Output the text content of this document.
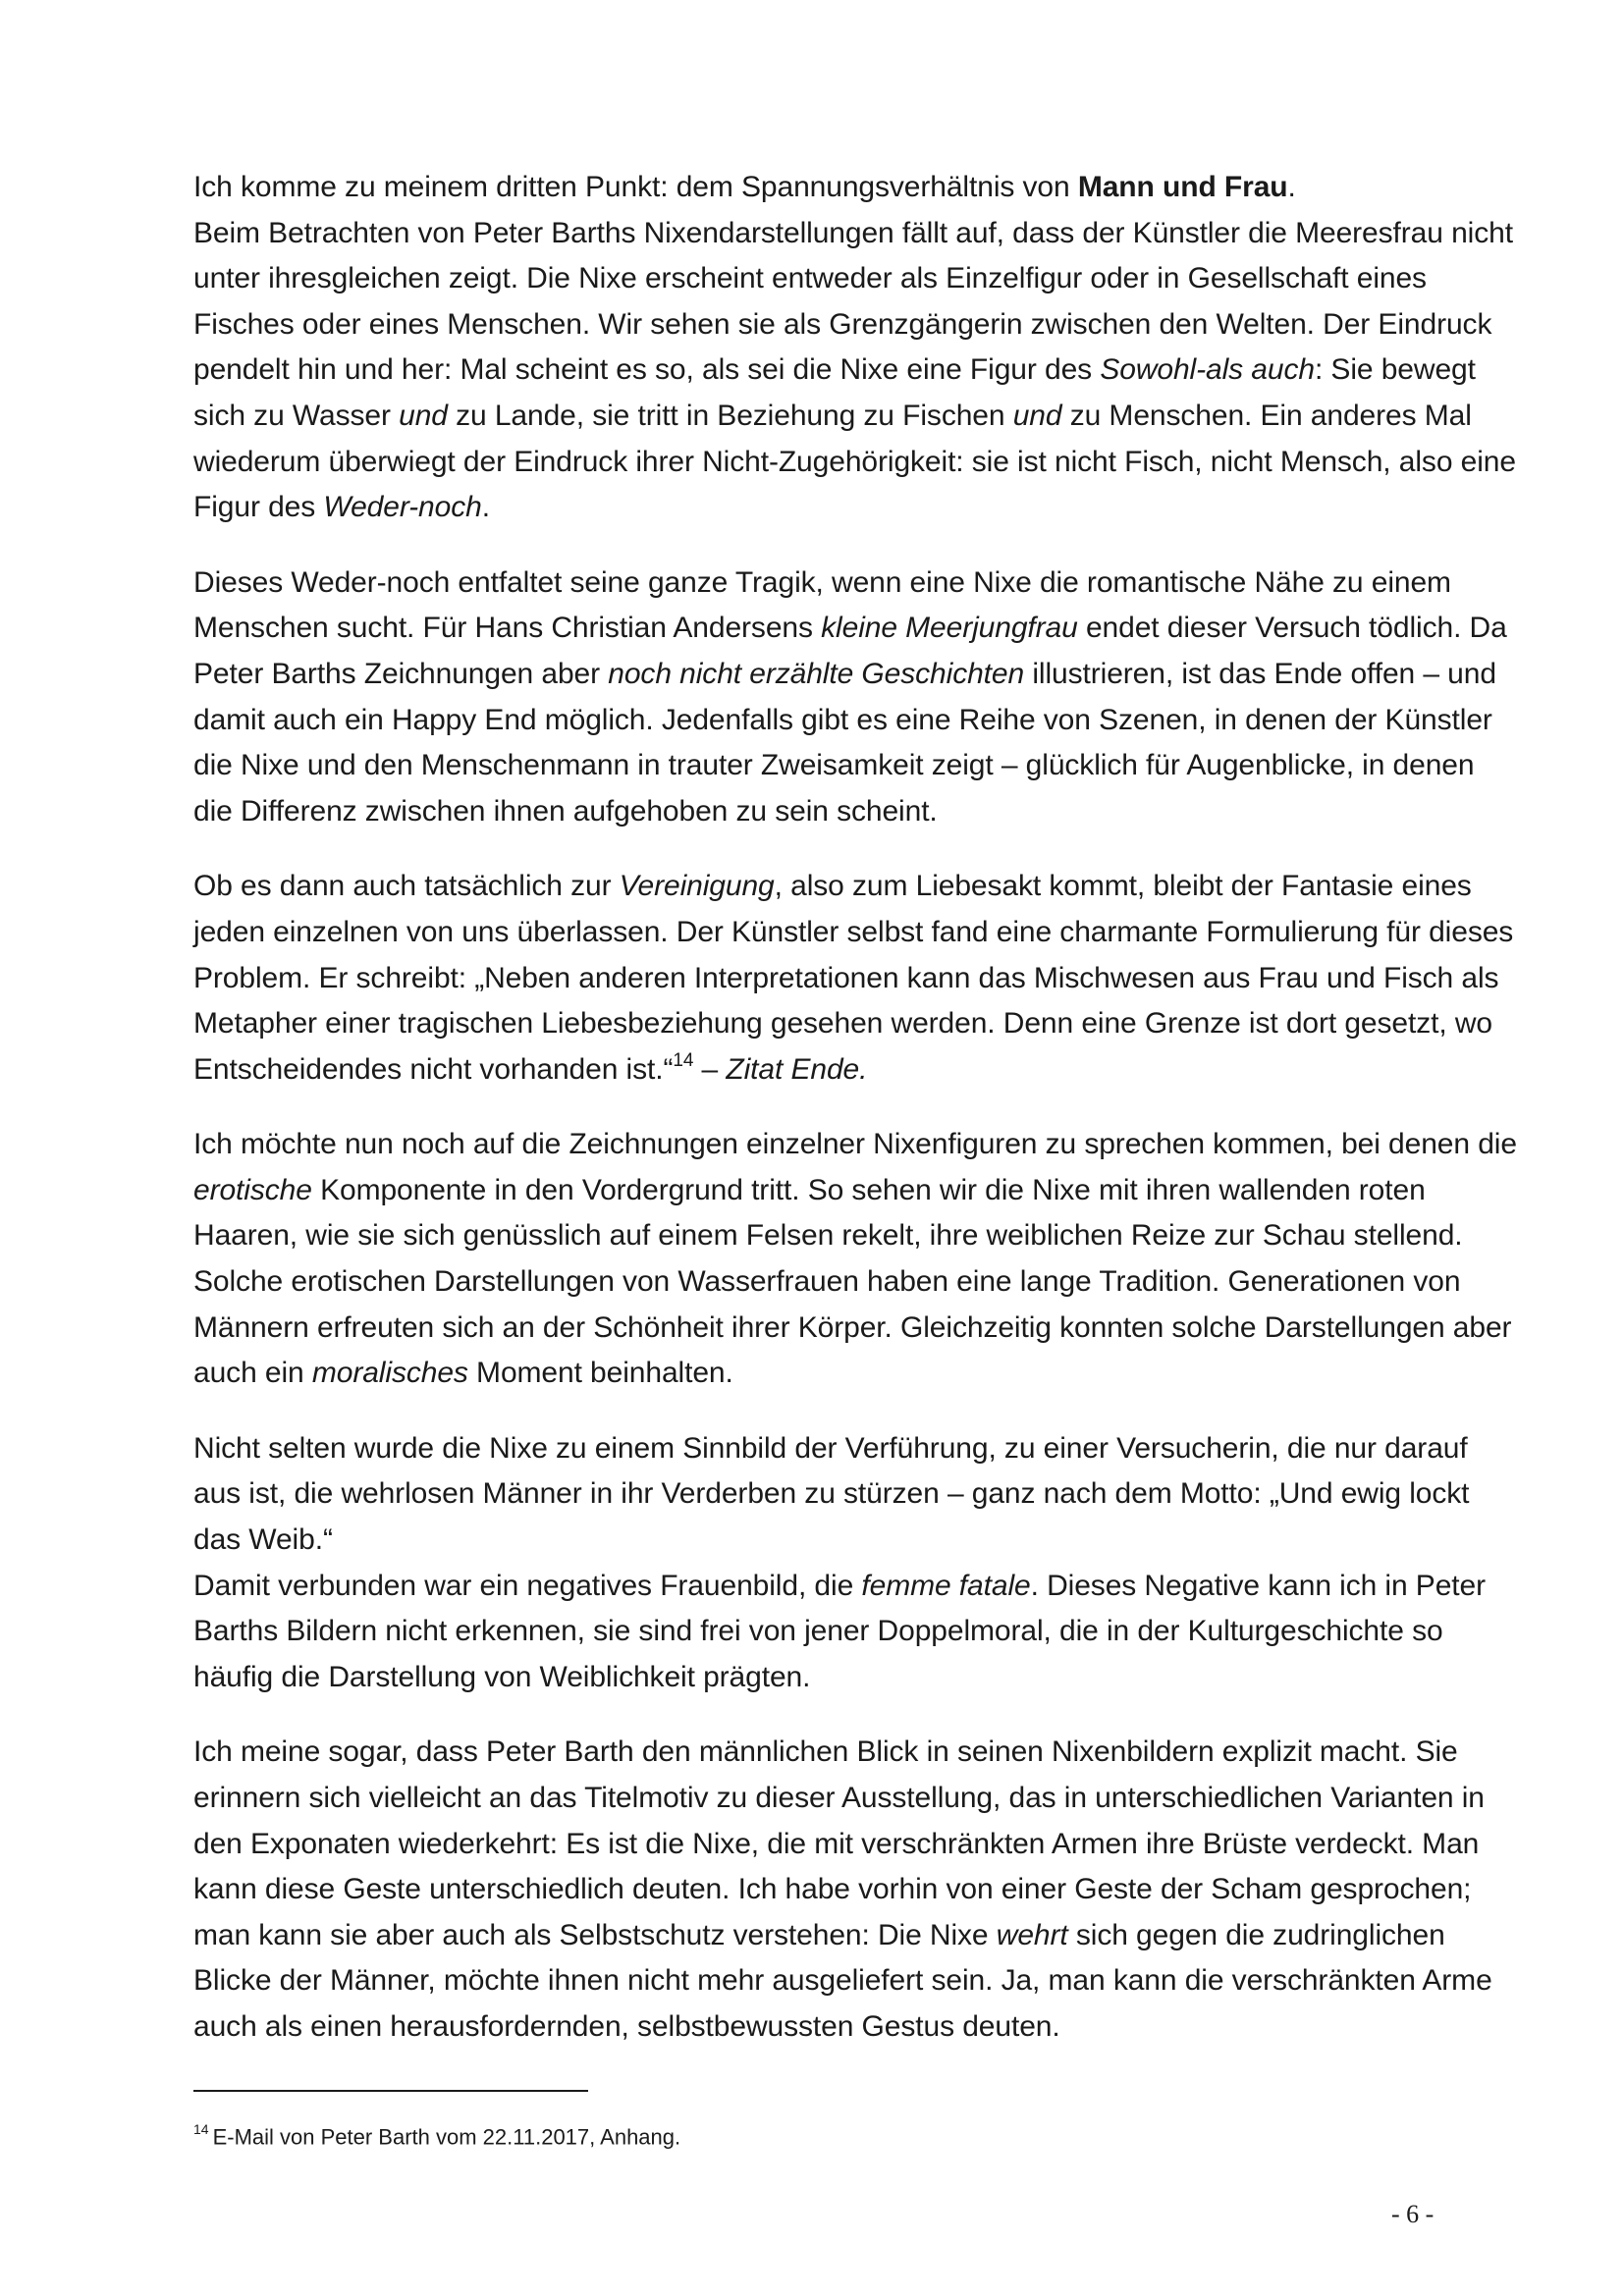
Ich komme zu meinem dritten Punkt: dem Spannungsverhältnis von Mann und Frau.
Beim Betrachten von Peter Barths Nixendarstellungen fällt auf, dass der Künstler die Meeresfrau nicht unter ihresgleichen zeigt. Die Nixe erscheint entweder als Einzelfigur oder in Gesellschaft eines Fisches oder eines Menschen. Wir sehen sie als Grenzgängerin zwischen den Welten. Der Eindruck pendelt hin und her: Mal scheint es so, als sei die Nixe eine Figur des Sowohl-als auch: Sie bewegt sich zu Wasser und zu Lande, sie tritt in Beziehung zu Fischen und zu Menschen. Ein anderes Mal wiederum überwiegt der Eindruck ihrer Nicht-Zugehörigkeit: sie ist nicht Fisch, nicht Mensch, also eine Figur des Weder-noch.

Dieses Weder-noch entfaltet seine ganze Tragik, wenn eine Nixe die romantische Nähe zu einem Menschen sucht. Für Hans Christian Andersens kleine Meerjungfrau endet dieser Versuch tödlich. Da Peter Barths Zeichnungen aber noch nicht erzählte Geschichten illustrieren, ist das Ende offen – und damit auch ein Happy End möglich. Jedenfalls gibt es eine Reihe von Szenen, in denen der Künstler die Nixe und den Menschenmann in trauter Zweisamkeit zeigt – glücklich für Augenblicke, in denen die Differenz zwischen ihnen aufgehoben zu sein scheint.

Ob es dann auch tatsächlich zur Vereinigung, also zum Liebesakt kommt, bleibt der Fantasie eines jeden einzelnen von uns überlassen. Der Künstler selbst fand eine charmante Formulierung für dieses Problem. Er schreibt: „Neben anderen Interpretationen kann das Mischwesen aus Frau und Fisch als Metapher einer tragischen Liebesbeziehung gesehen werden. Denn eine Grenze ist dort gesetzt, wo Entscheidendes nicht vorhanden ist.“$^{14}$ – Zitat Ende.

Ich möchte nun noch auf die Zeichnungen einzelner Nixenfiguren zu sprechen kommen, bei denen die erotische Komponente in den Vordergrund tritt. So sehen wir die Nixe mit ihren wallenden roten Haaren, wie sie sich genüsslich auf einem Felsen rekelt, ihre weiblichen Reize zur Schau stellend. Solche erotischen Darstellungen von Wasserfrauen haben eine lange Tradition. Generationen von Männern erfreuten sich an der Schönheit ihrer Körper. Gleichzeitig konnten solche Darstellungen aber auch ein moralisches Moment beinhalten.

Nicht selten wurde die Nixe zu einem Sinnbild der Verführung, zu einer Versucherin, die nur darauf aus ist, die wehrlosen Männer in ihr Verderben zu stürzen – ganz nach dem Motto: „Und ewig lockt das Weib.“
Damit verbunden war ein negatives Frauenbild, die femme fatale. Dieses Negative kann ich in Peter Barths Bildern nicht erkennen, sie sind frei von jener Doppelmoral, die in der Kulturgeschichte so häufig die Darstellung von Weiblichkeit prägten.

Ich meine sogar, dass Peter Barth den männlichen Blick in seinen Nixenbildern explizit macht. Sie erinnern sich vielleicht an das Titelmotiv zu dieser Ausstellung, das in unterschiedlichen Varianten in den Exponaten wiederkehrt: Es ist die Nixe, die mit verschränkten Armen ihre Brüste verdeckt. Man kann diese Geste unterschiedlich deuten. Ich habe vorhin von einer Geste der Scham gesprochen; man kann sie aber auch als Selbstschutz verstehen: Die Nixe wehrt sich gegen die zudringlichen Blicke der Männer, möchte ihnen nicht mehr ausgeliefert sein. Ja, man kann die verschränkten Arme auch als einen herausfordernden, selbstbewussten Gestus deuten.

$^{14}$ E-Mail von Peter Barth vom 22.11.2017, Anhang.
- 6 -
